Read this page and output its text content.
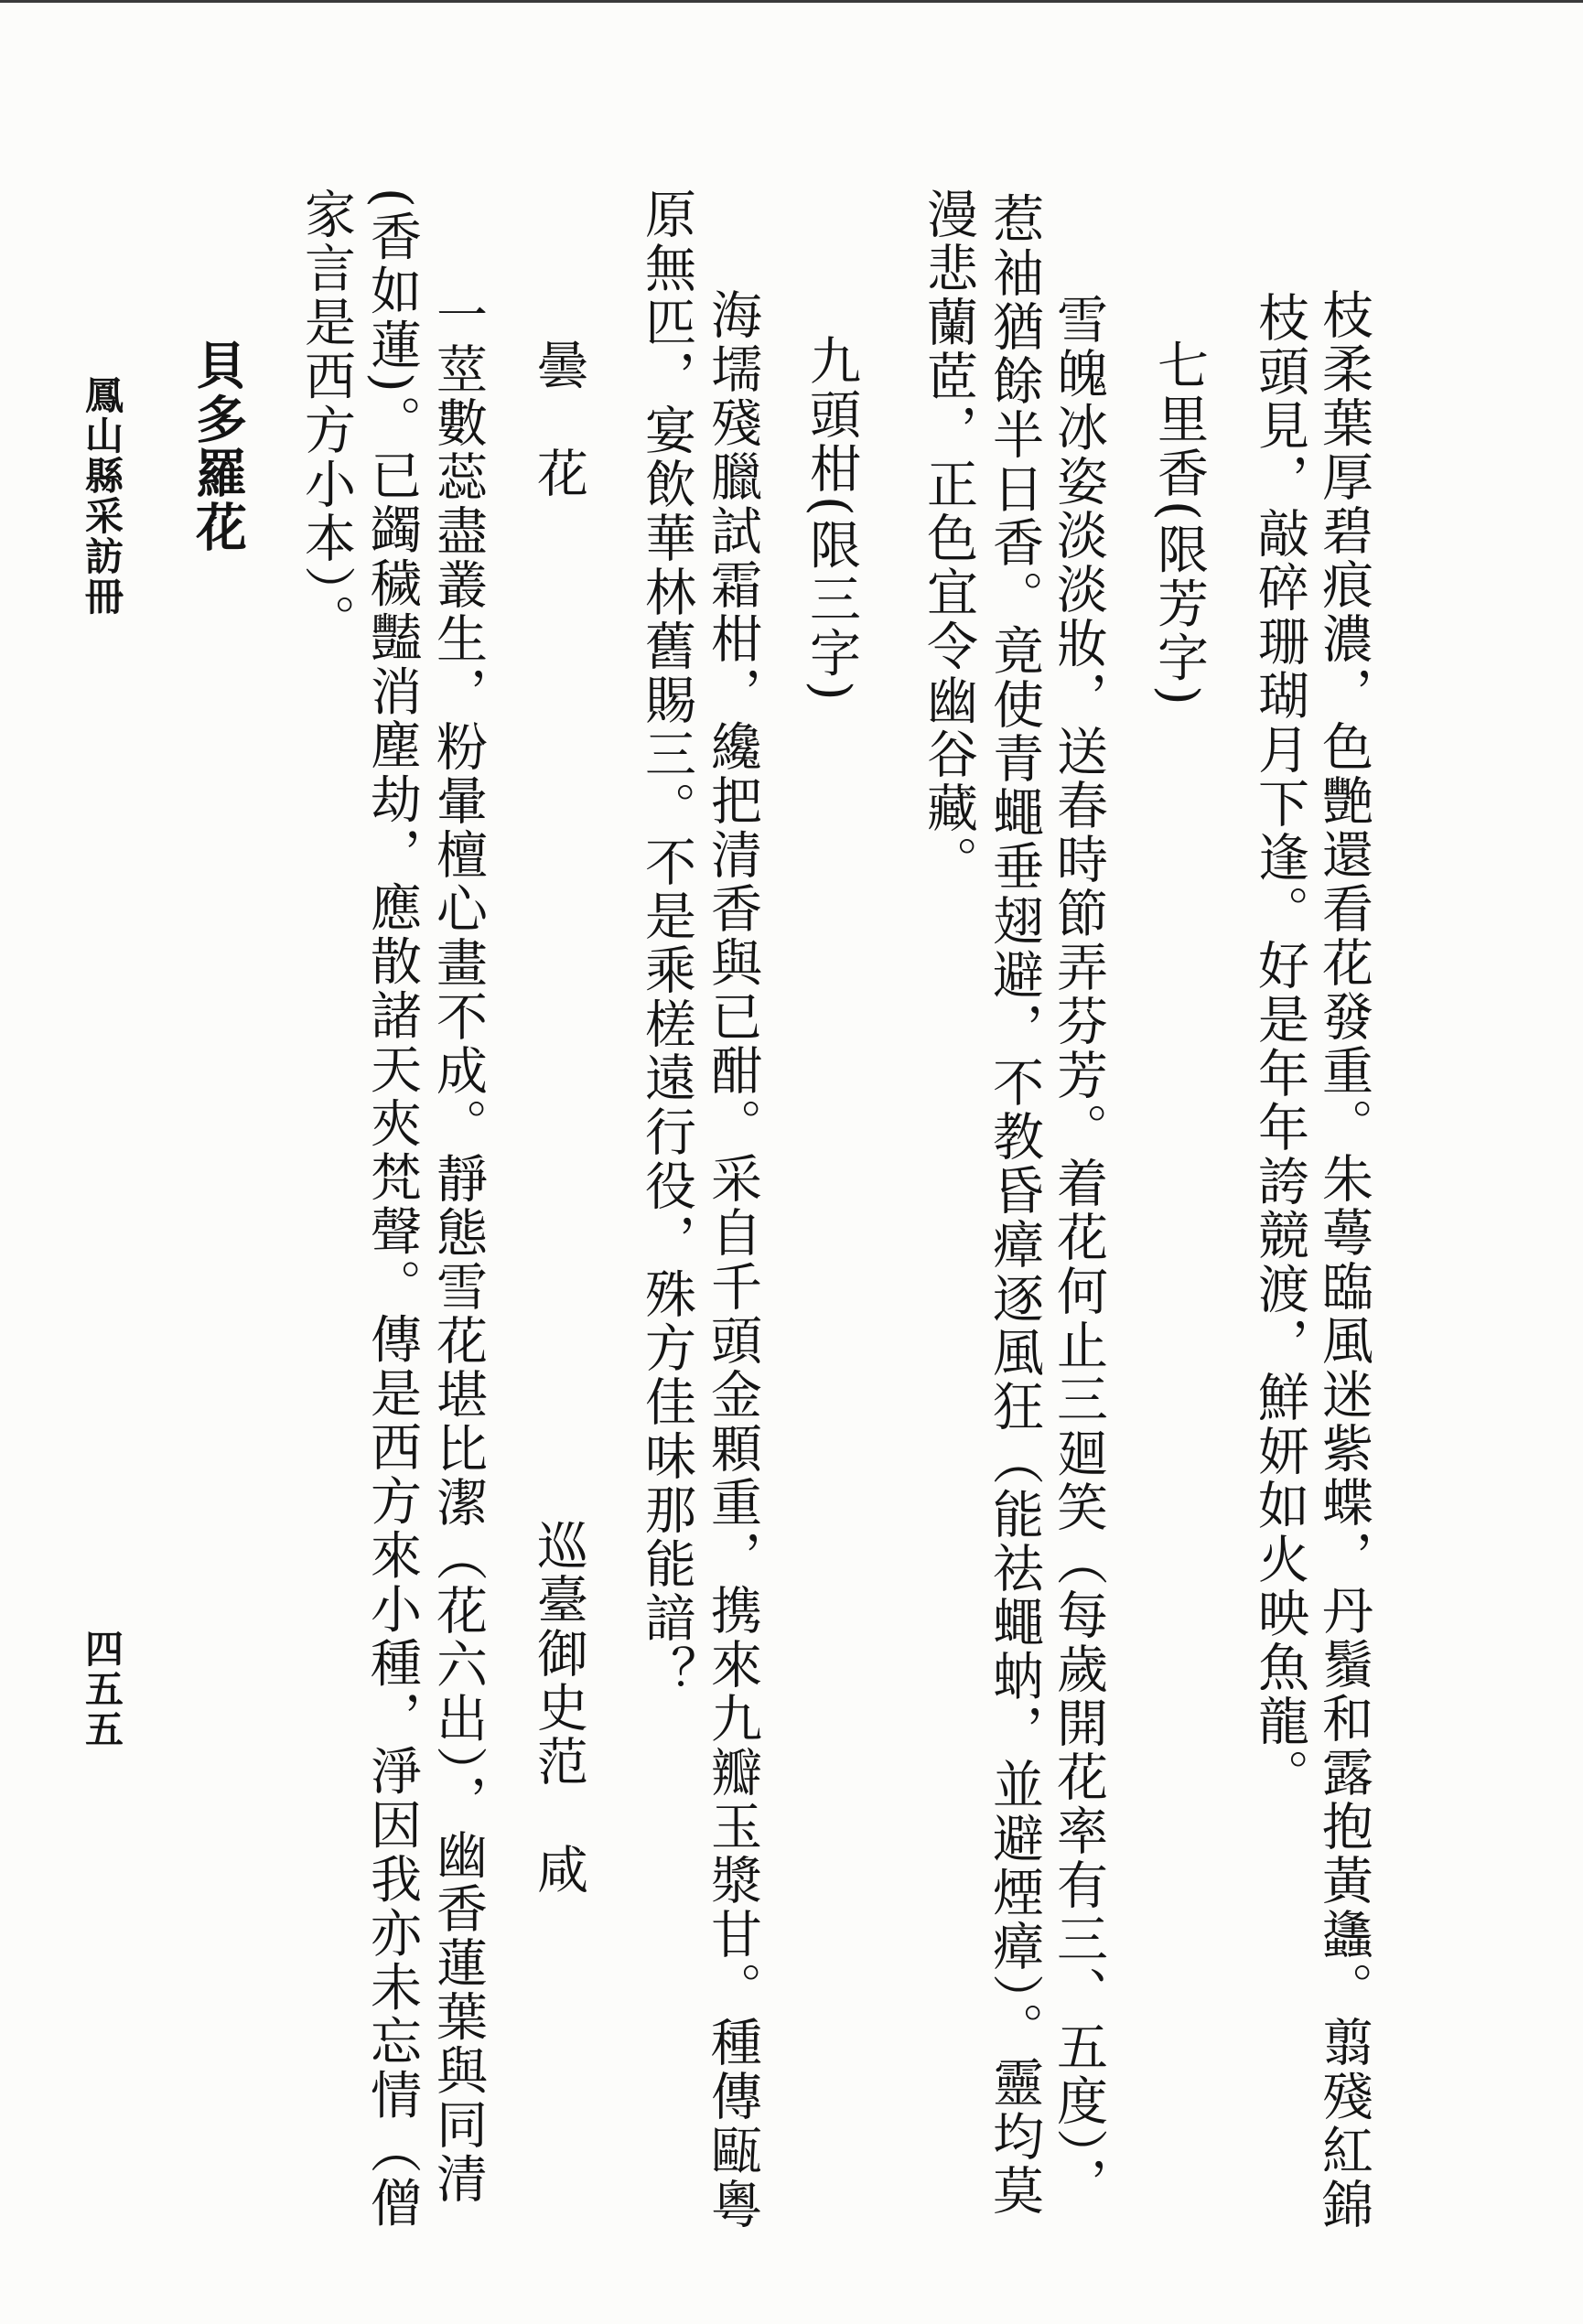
鳳山縣采訪冊
四五五	枝柔葉厚碧痕濃，色艷還看花發重。朱蕚臨風迷紫蝶，丹鬚和露抱黃蠭。翦殘紅錦
枝頭見，敲碎珊瑚月下逢。好是年年誇競渡，鮮妍如火映魚龍。
七里香(限芳字)
雪魄冰姿淡淡妝，送春時節弄芬芳。着花何止三廻笑（每歲開花率有三、五度），
惹袖猶餘半日香。竟使青蠅垂翅避，不教昏瘴逐風狂（能祛蠅蚋，並避煙瘴）。靈均莫
漫悲蘭茝，正色宜令幽谷藏。
九頭柑(限三字)
海壖殘臘試霜柑，纔把清香與已酣。采自千頭金顆重，携來九瓣玉漿甘。種傳甌粵
原無匹，宴飲華林舊賜三。不是乘槎遠行役，殊方佳味那能諳？
曇　花
巡臺御史范　咸
一莖數蕊盡叢生，粉暈檀心畫不成。靜態雪花堪比潔（花六出），幽香蓮葉與同清
(香如蓮)。已蠲穢豔消塵劫，應散諸天夾梵聲。傳是西方來小種，淨因我亦未忘情（僧
家言是西方小本）。
貝多羅花
